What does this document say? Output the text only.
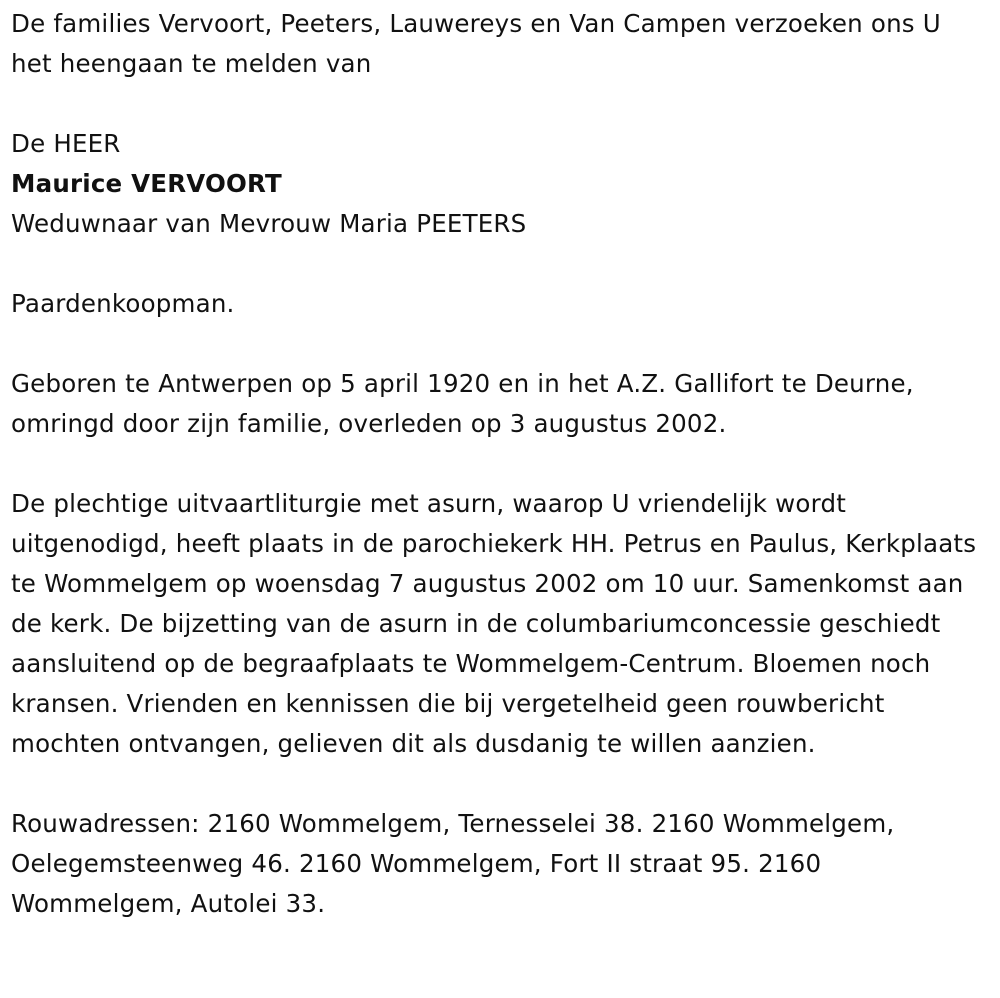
De families Vervoort, Peeters, Lauwereys en Van Campen verzoeken ons U het heengaan te melden van

De HEER

Maurice VERVOORT

Weduwnaar van Mevrouw Maria PEETERS

Paardenkoopman.

Geboren te Antwerpen op 5 april 1920 en in het A.Z. Gallifort te Deurne, omringd door zijn familie, overleden op 3 augustus 2002.

De plechtige uitvaartliturgie met asurn, waarop U vriendelijk wordt uitgenodigd, heeft plaats in de parochiekerk HH. Petrus en Paulus, Kerkplaats te Wommelgem op woensdag 7 augustus 2002 om 10 uur. Samenkomst aan de kerk. De bijzetting van de asurn in de columbariumconcessie geschiedt aansluitend op de begraafplaats te Wommelgem-Centrum. Bloemen noch kransen. Vrienden en kennissen die bij vergetelheid geen rouwbericht mochten ontvangen, gelieven dit als dusdanig te willen aanzien.

Rouwadressen: 2160 Wommelgem, Ternesselei 38. 2160 Wommelgem, Oelegemsteenweg 46. 2160 Wommelgem, Fort II straat 95. 2160 Wommelgem, Autolei 33.
